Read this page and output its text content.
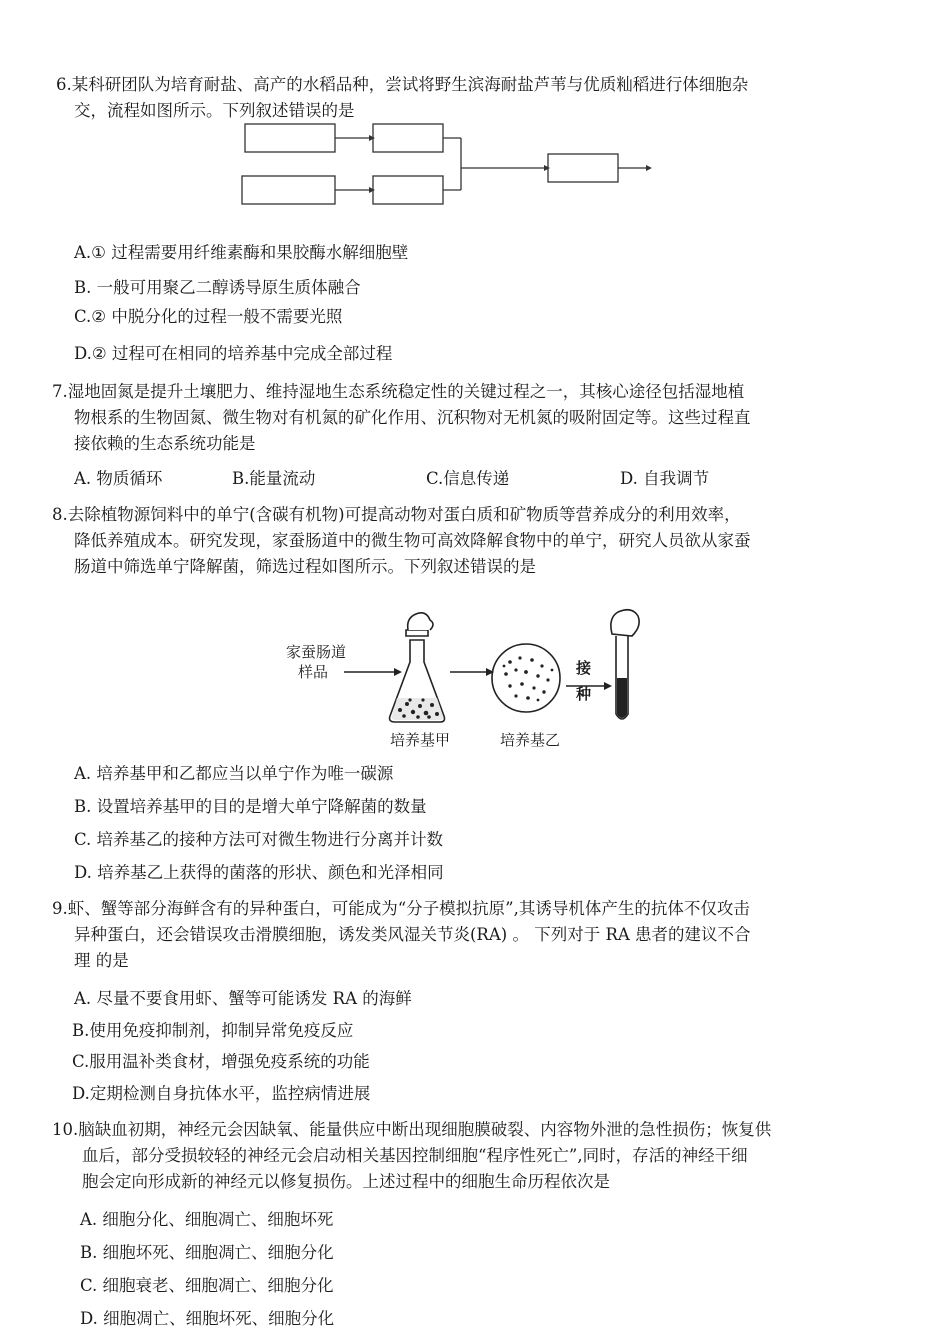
6.某科研团队为培育耐盐、高产的水稻品种，尝试将野生滨海耐盐芦苇与优质籼稻进行体细胞杂
交，流程如图所示。下列叙述错误的是
A.① 过程需要用纤维素酶和果胶酶水解细胞壁
B. 一般可用聚乙二醇诱导原生质体融合
C.② 中脱分化的过程一般不需要光照
D.② 过程可在相同的培养基中完成全部过程
7.湿地固氮是提升土壤肥力、维持湿地生态系统稳定性的关键过程之一，其核心途径包括湿地植
物根系的生物固氮、微生物对有机氮的矿化作用、沉积物对无机氮的吸附固定等。这些过程直
接依赖的生态系统功能是
A. 物质循环	B.能量流动	C.信息传递	D. 自我调节
8.去除植物源饲料中的单宁(含碳有机物)可提高动物对蛋白质和矿物质等营养成分的利用效率，
降低养殖成本。研究发现，家蚕肠道中的微生物可高效降解食物中的单宁，研究人员欲从家蚕
肠道中筛选单宁降解菌，筛选过程如图所示。下列叙述错误的是
家蚕肠道
样品	接
种
培养基甲	培养基乙
A. 培养基甲和乙都应当以单宁作为唯一碳源
B. 设置培养基甲的目的是增大单宁降解菌的数量
C. 培养基乙的接种方法可对微生物进行分离并计数
D. 培养基乙上获得的菌落的形状、颜色和光泽相同
9.虾、蟹等部分海鲜含有的异种蛋白，可能成为“分子模拟抗原”,其诱导机体产生的抗体不仅攻击
异种蛋白，还会错误攻击滑膜细胞，诱发类风湿关节炎(RA) 。 下列对于 RA 患者的建议不合
理 的是
A. 尽量不要食用虾、蟹等可能诱发 RA 的海鲜
B.使用免疫抑制剂，抑制异常免疫反应
C.服用温补类食材，增强免疫系统的功能
D.定期检测自身抗体水平，监控病情进展
10.脑缺血初期，神经元会因缺氧、能量供应中断出现细胞膜破裂、内容物外泄的急性损伤；恢复供
血后，部分受损较轻的神经元会启动相关基因控制细胞“程序性死亡”,同时，存活的神经干细
胞会定向形成新的神经元以修复损伤。上述过程中的细胞生命历程依次是
A. 细胞分化、细胞凋亡、细胞坏死
B. 细胞坏死、细胞凋亡、细胞分化
C. 细胞衰老、细胞凋亡、细胞分化
D. 细胞凋亡、细胞坏死、细胞分化
